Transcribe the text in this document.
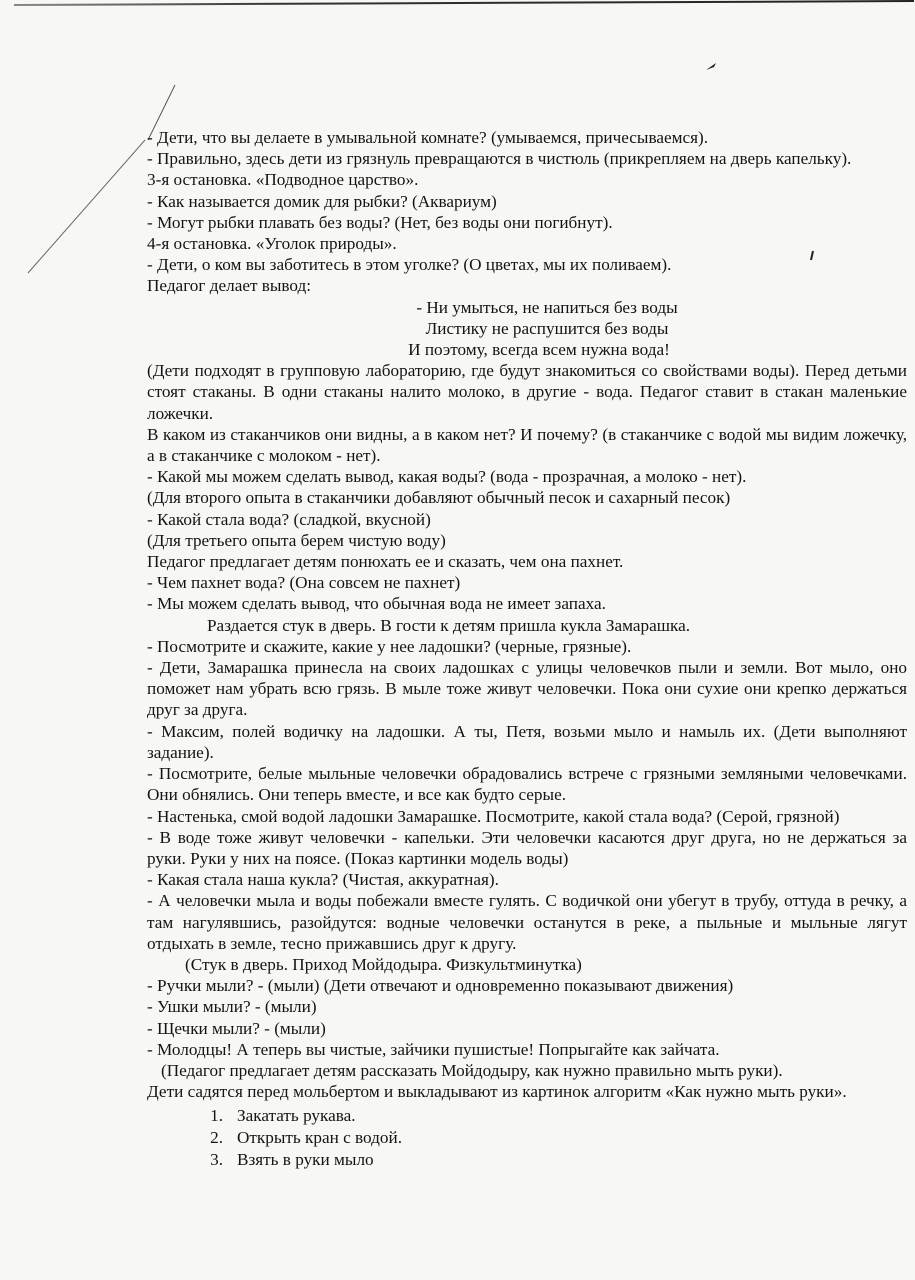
- Дети, что вы делаете в умывальной комнате? (умываемся, причесываемся).

- Правильно, здесь дети из грязнуль превращаются в чистюль (прикрепляем на дверь капельку).

3-я остановка. «Подводное царство».

- Как называется домик для рыбки? (Аквариум)

- Могут рыбки плавать без воды? (Нет, без воды они погибнут).

4-я остановка. «Уголок природы».

- Дети, о ком вы заботитесь в этом уголке? (О цветах, мы их поливаем).

Педагог делает вывод:

- Ни умыться, не напиться без воды

Листику не распушится без воды

И поэтому, всегда всем нужна вода!

(Дети подходят в групповую лабораторию, где будут знакомиться со свойствами воды). Перед детьми стоят стаканы. В одни стаканы налито молоко, в другие - вода. Педагог ставит в стакан маленькие ложечки.

В каком из стаканчиков они видны, а в каком нет? И почему? (в стаканчике с водой мы видим ложечку, а в стаканчике с молоком - нет).

- Какой мы можем сделать вывод, какая воды? (вода - прозрачная, а молоко - нет).

(Для второго опыта в стаканчики добавляют обычный песок и сахарный песок)

- Какой стала вода? (сладкой, вкусной)

(Для третьего опыта берем чистую воду)

Педагог предлагает детям понюхать ее и сказать, чем она пахнет.

- Чем пахнет вода? (Она совсем не пахнет)

- Мы можем сделать вывод, что обычная вода не имеет запаха.

Раздается стук в дверь. В гости к детям пришла кукла Замарашка.

- Посмотрите и скажите, какие у нее ладошки? (черные, грязные).

- Дети, Замарашка принесла на своих ладошках с улицы человечков пыли и земли. Вот мыло, оно поможет нам убрать всю грязь. В мыле тоже живут человечки. Пока они сухие они крепко держаться друг за друга.

- Максим, полей водичку на ладошки. А ты, Петя, возьми мыло и намыль их. (Дети выполняют задание).

- Посмотрите, белые мыльные человечки обрадовались встрече с грязными земляными человечками. Они обнялись. Они теперь вместе, и все как будто серые.

- Настенька, смой водой ладошки Замарашке. Посмотрите, какой стала вода? (Серой, грязной)

- В воде тоже живут человечки - капельки. Эти человечки касаются друг друга, но не держаться за руки. Руки у них на поясе. (Показ картинки модель воды)

- Какая стала наша кукла? (Чистая, аккуратная).

- А человечки мыла и воды побежали вместе гулять. С водичкой они убегут в трубу, оттуда в речку, а там нагулявшись, разойдутся: водные человечки останутся в реке, а пыльные и мыльные лягут отдыхать в земле, тесно прижавшись друг к другу.

(Стук в дверь. Приход Мойдодыра. Физкультминутка)

- Ручки мыли? - (мыли) (Дети отвечают и одновременно показывают движения)

- Ушки мыли? - (мыли)

- Щечки мыли? - (мыли)

- Молодцы! А теперь вы чистые, зайчики пушистые! Попрыгайте как зайчата.

(Педагог предлагает детям рассказать Мойдодыру, как нужно правильно мыть руки).

Дети садятся перед мольбертом и выкладывают из картинок алгоритм «Как нужно мыть руки».

1. Закатать рукава.
2. Открыть кран с водой.
3. Взять в руки мыло
